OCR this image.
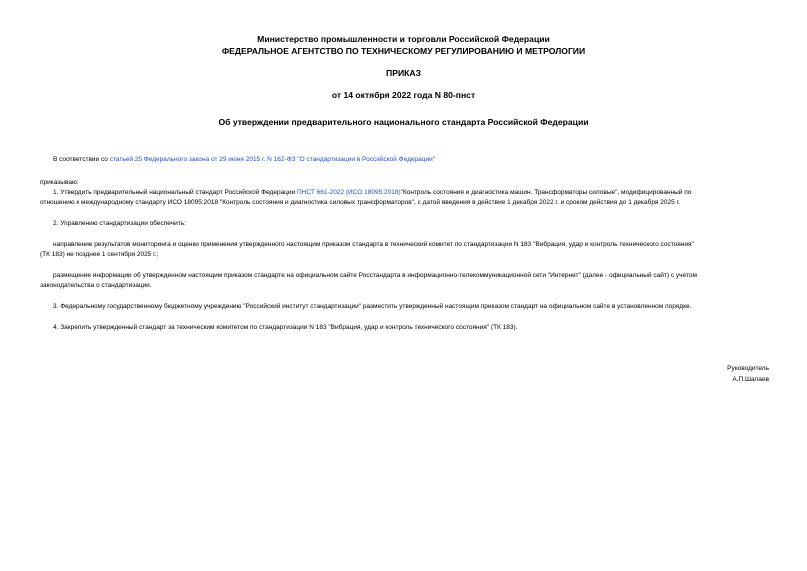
Министерство промышленности и торговли Российской Федерации
ФЕДЕРАЛЬНОЕ АГЕНТСТВО ПО ТЕХНИЧЕСКОМУ РЕГУЛИРОВАНИЮ И МЕТРОЛОГИИ
ПРИКАЗ
от 14 октября 2022 года N 80-пнст
Об утверждении предварительного национального стандарта Российской Федерации
В соответствии со статьей 25 Федерального закона от 29 июня 2015 г. N 162-ФЗ "О стандартизации в Российской Федерации"
приказываю:
1. Утвердить предварительный национальный стандарт Российской Федерации ПНСТ 661-2022 (ИСО 18095:2018)"Контроль состояния и диагностика машин. Трансформаторы силовые", модифицированный по
отношению к международному стандарту ИСО 18095:2018 "Контроль состояния и диагностика силовых трансформаторов", с датой введения в действие 1 декабря 2022 г. и сроком действия до 1 декабря 2025 г.
2. Управлению стандартизации обеспечить:
направление результатов мониторинга и оценки применения утвержденного настоящим приказом стандарта в технический комитет по стандартизации N 183 "Вибрация, удар и контроль технического состояния"
(ТК 183) не позднее 1 сентября 2025 г.;
размещение информации об утвержденном настоящим приказом стандарте на официальном сайте Росстандарта в информационно-телекоммуникационной сети "Интернет" (далее - официальный сайт) с учетом
законодательства о стандартизации.
3. Федеральному государственному бюджетному учреждению "Российский институт стандартизации" разместить утвержденный настоящим приказом стандарт на официальном сайте в установленном порядке.
4. Закрепить утвержденный стандарт за техническим комитетом по стандартизации N 183 "Вибрация, удар и контроль технического состояния" (ТК 183).
Руководитель
А.П.Шалаев
